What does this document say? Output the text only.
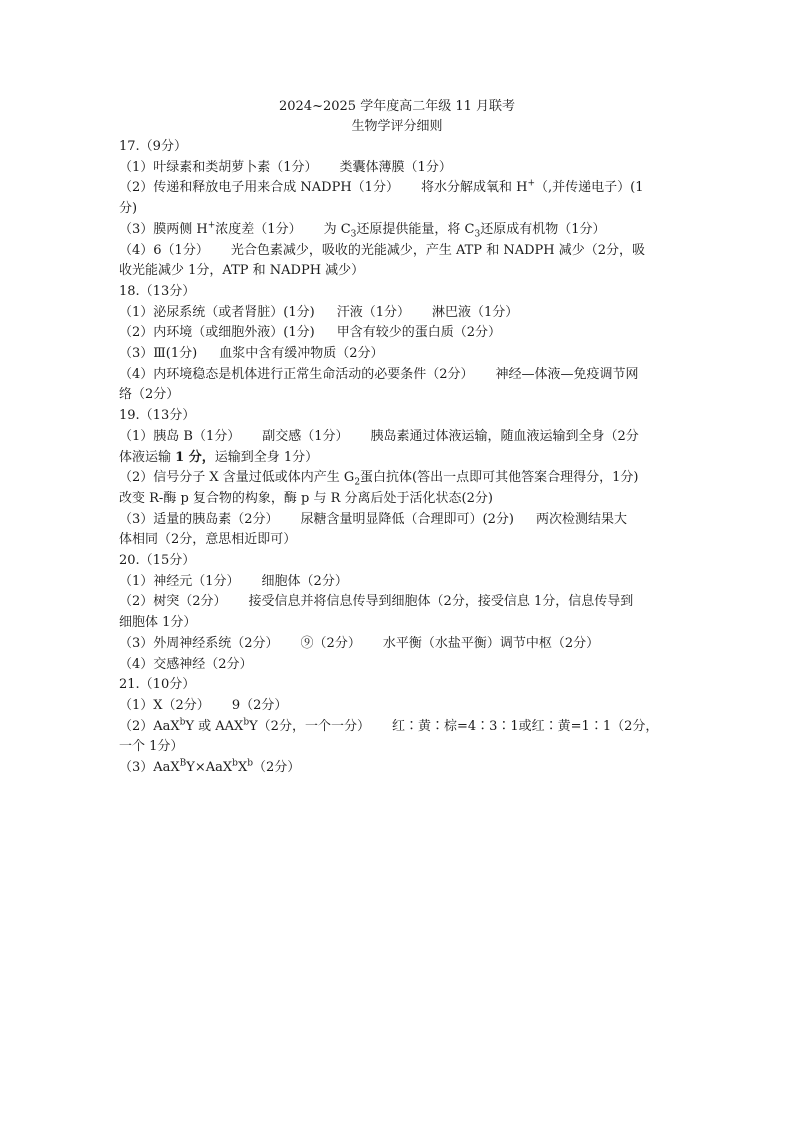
2024~2025 学年度高二年级 11 月联考
生物学评分细则
17.（9分）
（1）叶绿素和类胡萝卜素（1分） 类囊体薄膜（1分）
（2）传递和释放电子用来合成 NADPH（1分） 将水分解成氧和 H+（,并传递电子）(1
分)
（3）膜两侧 H+浓度差（1分） 为 $C_3$还原提供能量，将 $C_3$还原成有机物（1分）
（4）6（1分） 光合色素减少，吸收的光能减少，产生 ATP 和 NADPH 减少（2分，吸
收光能减少 1分，ATP 和 NADPH 减少）
18.（13分）
（1）泌尿系统（或者肾脏）(1分) 汗液（1分） 淋巴液（1分）
（2）内环境（或细胞外液）(1分) 甲含有较少的蛋白质（2分）
（3）Ⅲ(1分) 血浆中含有缓冲物质（2分）
（4）内环境稳态是机体进行正常生命活动的必要条件（2分） 神经—体液—免疫调节网
络（2分）
19.（13分）
（1）胰岛 B（1分） 副交感（1分） 胰岛素通过体液运输，随血液运输到全身（2分
体液运输 1 分，运输到全身 1分）
（2）信号分子 X 含量过低或体内产生 $G_2$蛋白抗体(答出一点即可其他答案合理得分，1分)
改变 R-酶 p 复合物的构象，酶 p 与 R 分离后处于活化状态(2分)
（3）适量的胰岛素（2分） 尿糖含量明显降低（合理即可）(2分) 两次检测结果大
体相同（2分，意思相近即可）
20.（15分）
（1）神经元（1分） 细胞体（2分）
（2）树突（2分） 接受信息并将信息传导到细胞体（2分，接受信息 1分，信息传导到
细胞体 1分）
（3）外周神经系统（2分） ⑨（2分） 水平衡（水盐平衡）调节中枢（2分）
（4）交感神经（2分）
21.（10分）
（1）X（2分） 9（2分）
（2）AaX$^b$Y 或 AAX$^b$Y（2分，一个一分） 红∶黄∶棕=4∶3∶1或红∶黄=1∶1（2分，
一个 1分）
$(3)AaX^BY\times AaX^bX^b(2$分）
